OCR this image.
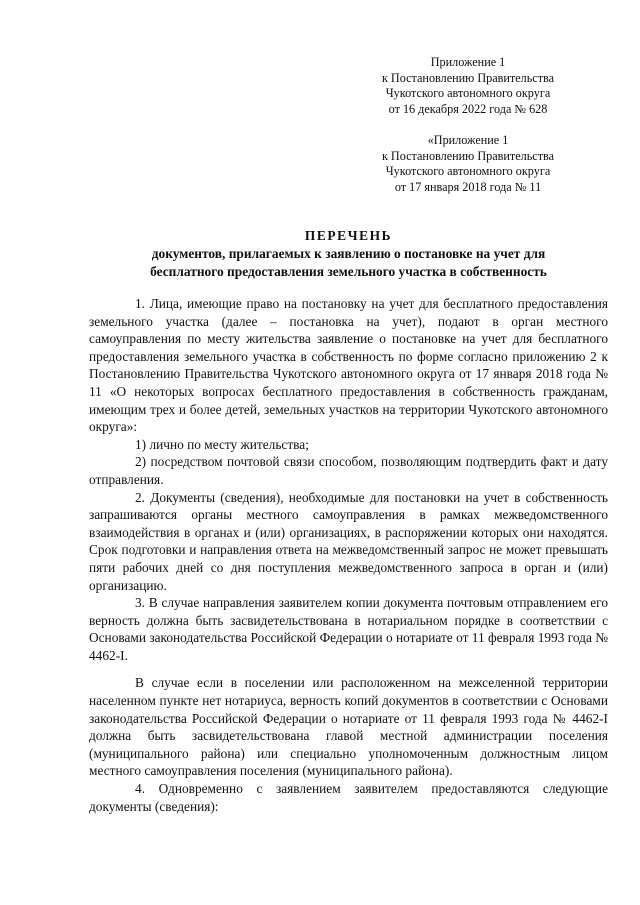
Приложение 1
к Постановлению Правительства
Чукотского автономного округа
от 16 декабря 2022 года № 628
«Приложение 1
к Постановлению Правительства
Чукотского автономного округа
от 17 января 2018 года № 11
ПЕРЕЧЕНЬ
документов, прилагаемых к заявлению о постановке на учет для
бесплатного предоставления земельного участка в собственность

1. Лица, имеющие право на постановку на учет для бесплатного предоставления земельного участка (далее – постановка на учет), подают в орган местного самоуправления по месту жительства заявление о постановке на учет для бесплатного предоставления земельного участка в собственность по форме согласно приложению 2 к Постановлению Правительства Чукотского автономного округа от 17 января 2018 года № 11 «О некоторых вопросах бесплатного предоставления в собственность гражданам, имеющим трех и более детей, земельных участков на территории Чукотского автономного округа»:

1) лично по месту жительства;

2) посредством почтовой связи способом, позволяющим подтвердить факт и дату отправления.

2. Документы (сведения), необходимые для постановки на учет в собственность запрашиваются органы местного самоуправления в рамках межведомственного взаимодействия в органах и (или) организациях, в распоряжении которых они находятся. Срок подготовки и направления ответа на межведомственный запрос не может превышать пяти рабочих дней со дня поступления межведомственного запроса в орган и (или) организацию.

3. В случае направления заявителем копии документа почтовым отправлением его верность должна быть засвидетельствована в нотариальном порядке в соответствии с Основами законодательства Российской Федерации о нотариате от 11 февраля 1993 года № 4462-I.

В случае если в поселении или расположенном на межселенной территории населенном пункте нет нотариуса, верность копий документов в соответствии с Основами законодательства Российской Федерации о нотариате от 11 февраля 1993 года № 4462-I должна быть засвидетельствована главой местной администрации поселения (муниципального района) или специально уполномоченным должностным лицом местного самоуправления поселения (муниципального района).

4. Одновременно с заявлением заявителем предоставляются следующие документы (сведения):
